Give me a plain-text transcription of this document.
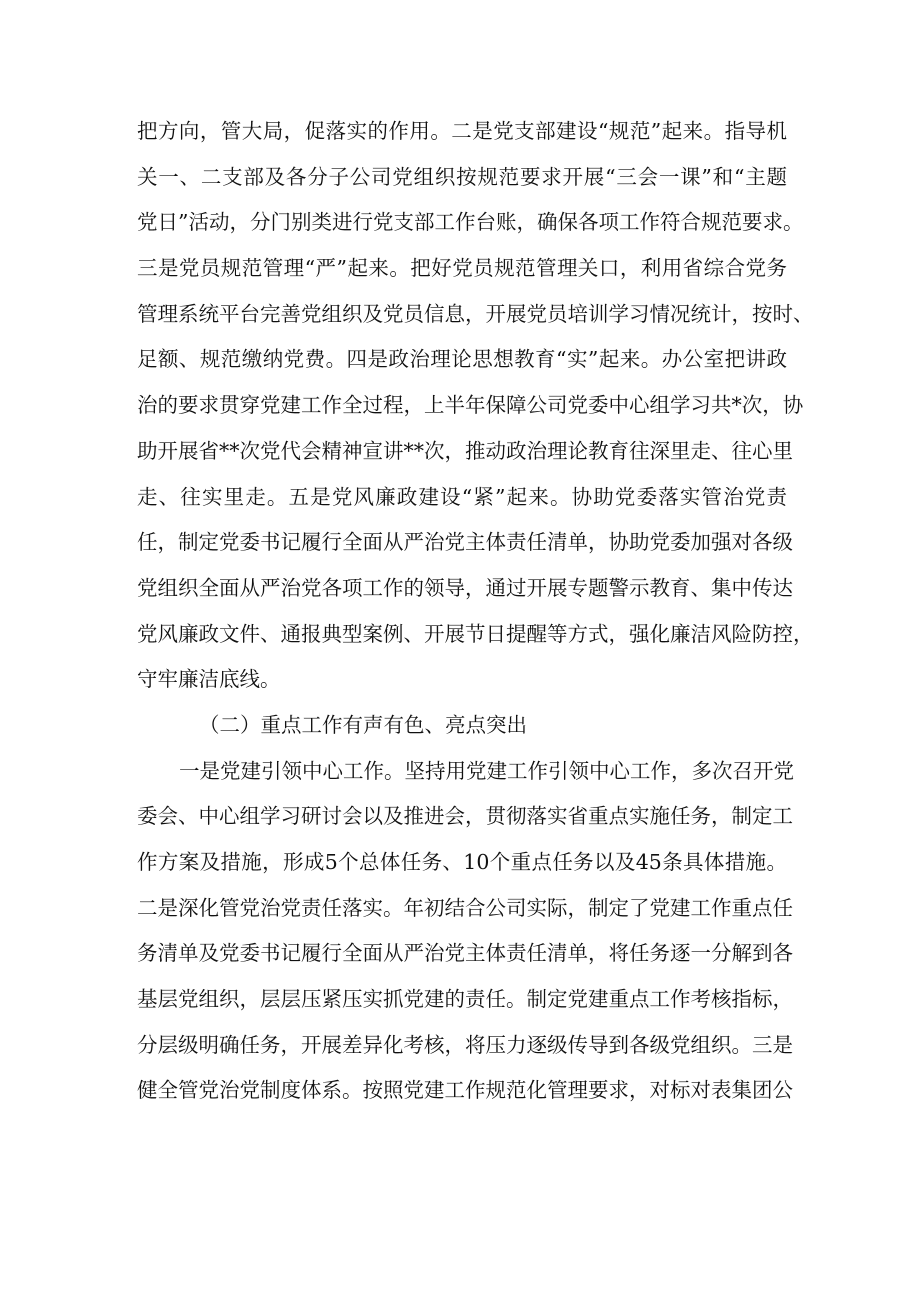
把方向，管大局，促落实的作用。二是党支部建设“规范”起来。指导机
关一、二支部及各分子公司党组织按规范要求开展“三会一课”和“主题
党日”活动，分门别类进行党支部工作台账，确保各项工作符合规范要求。
三是党员规范管理“严”起来。把好党员规范管理关口，利用省综合党务
管理系统平台完善党组织及党员信息，开展党员培训学习情况统计，按时、
足额、规范缴纳党费。四是政治理论思想教育“实”起来。办公室把讲政
治的要求贯穿党建工作全过程，上半年保障公司党委中心组学习共*次，协
助开展省**次党代会精神宣讲**次，推动政治理论教育往深里走、往心里
走、往实里走。五是党风廉政建设“紧”起来。协助党委落实管治党责
任，制定党委书记履行全面从严治党主体责任清单，协助党委加强对各级
党组织全面从严治党各项工作的领导，通过开展专题警示教育、集中传达
党风廉政文件、通报典型案例、开展节日提醒等方式，强化廉洁风险防控，
守牢廉洁底线。
（二）重点工作有声有色、亮点突出
一是党建引领中心工作。坚持用党建工作引领中心工作，多次召开党
委会、中心组学习研讨会以及推进会，贯彻落实省重点实施任务，制定工
作方案及措施，形成5个总体任务、10个重点任务以及45条具体措施。
二是深化管党治党责任落实。年初结合公司实际，制定了党建工作重点任
务清单及党委书记履行全面从严治党主体责任清单，将任务逐一分解到各
基层党组织，层层压紧压实抓党建的责任。制定党建重点工作考核指标，
分层级明确任务，开展差异化考核，将压力逐级传导到各级党组织。三是
健全管党治党制度体系。按照党建工作规范化管理要求，对标对表集团公
